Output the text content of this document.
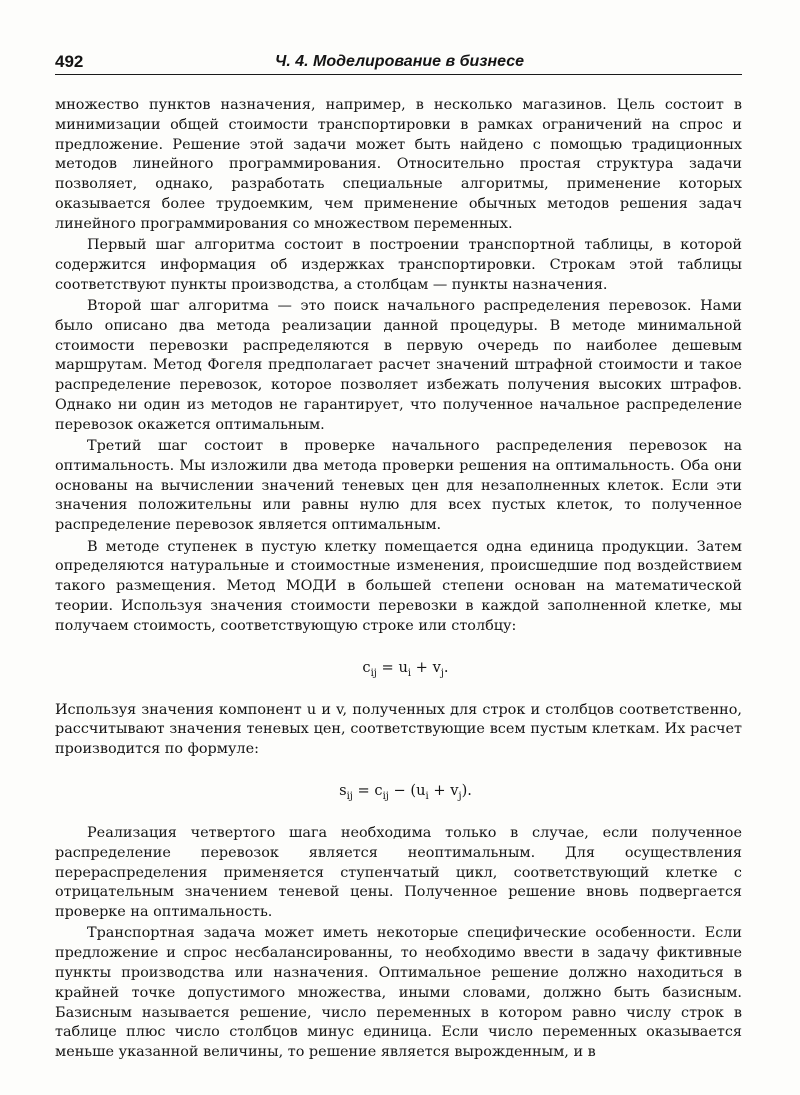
492	Ч. 4. Моделирование в бизнесе

множество пунктов назначения, например, в несколько магазинов. Цель состоит в минимизации общей стоимости транспортировки в рамках ограничений на спрос и предложение. Решение этой задачи может быть найдено с помощью традиционных методов линейного программирования. Относительно простая структура задачи позволяет, однако, разработать специальные алгоритмы, применение которых оказывается более трудоемким, чем применение обычных методов решения задач линейного программирования со множеством переменных.

Первый шаг алгоритма состоит в построении транспортной таблицы, в которой содержится информация об издержках транспортировки. Строкам этой таблицы соответствуют пункты производства, а столбцам — пункты назначения.

Второй шаг алгоритма — это поиск начального распределения перевозок. Нами было описано два метода реализации данной процедуры. В методе минимальной стоимости перевозки распределяются в первую очередь по наиболее дешевым маршрутам. Метод Фогеля предполагает расчет значений штрафной стоимости и такое распределение перевозок, которое позволяет избежать получения высоких штрафов. Однако ни один из методов не гарантирует, что полученное начальное распределение перевозок окажется оптимальным.

Третий шаг состоит в проверке начального распределения перевозок на оптимальность. Мы изложили два метода проверки решения на оптимальность. Оба они основаны на вычислении значений теневых цен для незаполненных клеток. Если эти значения положительны или равны нулю для всех пустых клеток, то полученное распределение перевозок является оптимальным.

В методе ступенек в пустую клетку помещается одна единица продукции. Затем определяются натуральные и стоимостные изменения, происшедшие под воздействием такого размещения. Метод МОДИ в большей степени основан на математической теории. Используя значения стоимости перевозки в каждой заполненной клетке, мы получаем стоимость, соответствующую строке или столбцу:

$c_{ij} = u_i + v_j$.

Используя значения компонент u и v, полученных для строк и столбцов соответственно, рассчитывают значения теневых цен, соответствующие всем пустым клеткам. Их расчет производится по формуле:

$s_{ij} = c_{ij} - (u_i + v_j)$.

Реализация четвертого шага необходима только в случае, если полученное распределение перевозок является неоптимальным. Для осуществления перераспределения применяется ступенчатый цикл, соответствующий клетке с отрицательным значением теневой цены. Полученное решение вновь подвергается проверке на оптимальность.

Транспортная задача может иметь некоторые специфические особенности. Если предложение и спрос несбалансированны, то необходимо ввести в задачу фиктивные пункты производства или назначения. Оптимальное решение должно находиться в крайней точке допустимого множества, иными словами, должно быть базисным. Базисным называется решение, число переменных в котором равно числу строк в таблице плюс число столбцов минус единица. Если число переменных оказывается меньше указанной величины, то решение является вырожденным, и в
